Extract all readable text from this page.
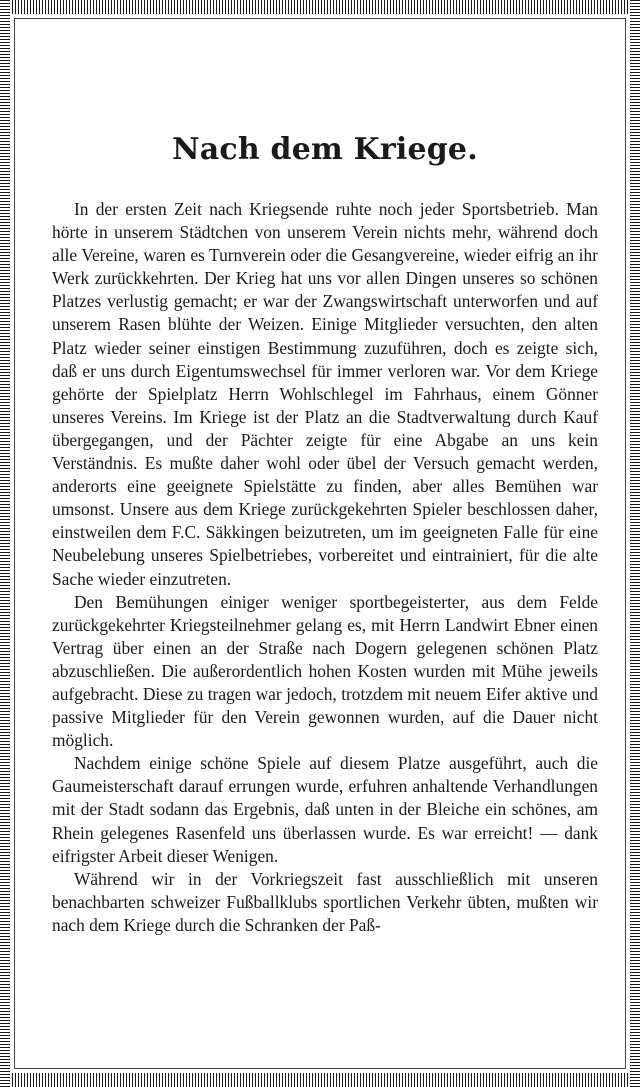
Nach dem Kriege.

In der ersten Zeit nach Kriegsende ruhte noch jeder Sportsbetrieb. Man hörte in unserem Städtchen von unserem Verein nichts mehr, während doch alle Vereine, waren es Turnverein oder die Gesangvereine, wieder eifrig an ihr Werk zurückkehrten. Der Krieg hat uns vor allen Dingen unseres so schönen Platzes verlustig gemacht; er war der Zwangswirtschaft unterworfen und auf unserem Rasen blühte der Weizen. Einige Mitglieder versuchten, den alten Platz wieder seiner einstigen Bestimmung zuzuführen, doch es zeigte sich, daß er uns durch Eigentumswechsel für immer verloren war. Vor dem Kriege gehörte der Spielplatz Herrn Wohlschlegel im Fahrhaus, einem Gönner unseres Vereins. Im Kriege ist der Platz an die Stadtverwaltung durch Kauf übergegangen, und der Pächter zeigte für eine Abgabe an uns kein Verständnis. Es mußte daher wohl oder übel der Versuch gemacht werden, anderorts eine geeignete Spielstätte zu finden, aber alles Bemühen war umsonst. Unsere aus dem Kriege zurückgekehrten Spieler beschlossen daher, einstweilen dem F.C. Säkkingen beizutreten, um im geeigneten Falle für eine Neubelebung unseres Spielbetriebes, vorbereitet und eintrainiert, für die alte Sache wieder einzutreten.

Den Bemühungen einiger weniger sportbegeisterter, aus dem Felde zurückgekehrter Kriegsteilnehmer gelang es, mit Herrn Landwirt Ebner einen Vertrag über einen an der Straße nach Dogern gelegenen schönen Platz abzuschließen. Die außerordentlich hohen Kosten wurden mit Mühe jeweils aufgebracht. Diese zu tragen war jedoch, trotzdem mit neuem Eifer aktive und passive Mitglieder für den Verein gewonnen wurden, auf die Dauer nicht möglich.

Nachdem einige schöne Spiele auf diesem Platze ausgeführt, auch die Gaumeisterschaft darauf errungen wurde, erfuhren anhaltende Verhandlungen mit der Stadt sodann das Ergebnis, daß unten in der Bleiche ein schönes, am Rhein gelegenes Rasenfeld uns überlassen wurde. Es war erreicht! — dank eifrigster Arbeit dieser Wenigen.

Während wir in der Vorkriegszeit fast ausschließlich mit unseren benachbarten schweizer Fußballklubs sportlichen Verkehr übten, mußten wir nach dem Kriege durch die Schranken der Paß-
